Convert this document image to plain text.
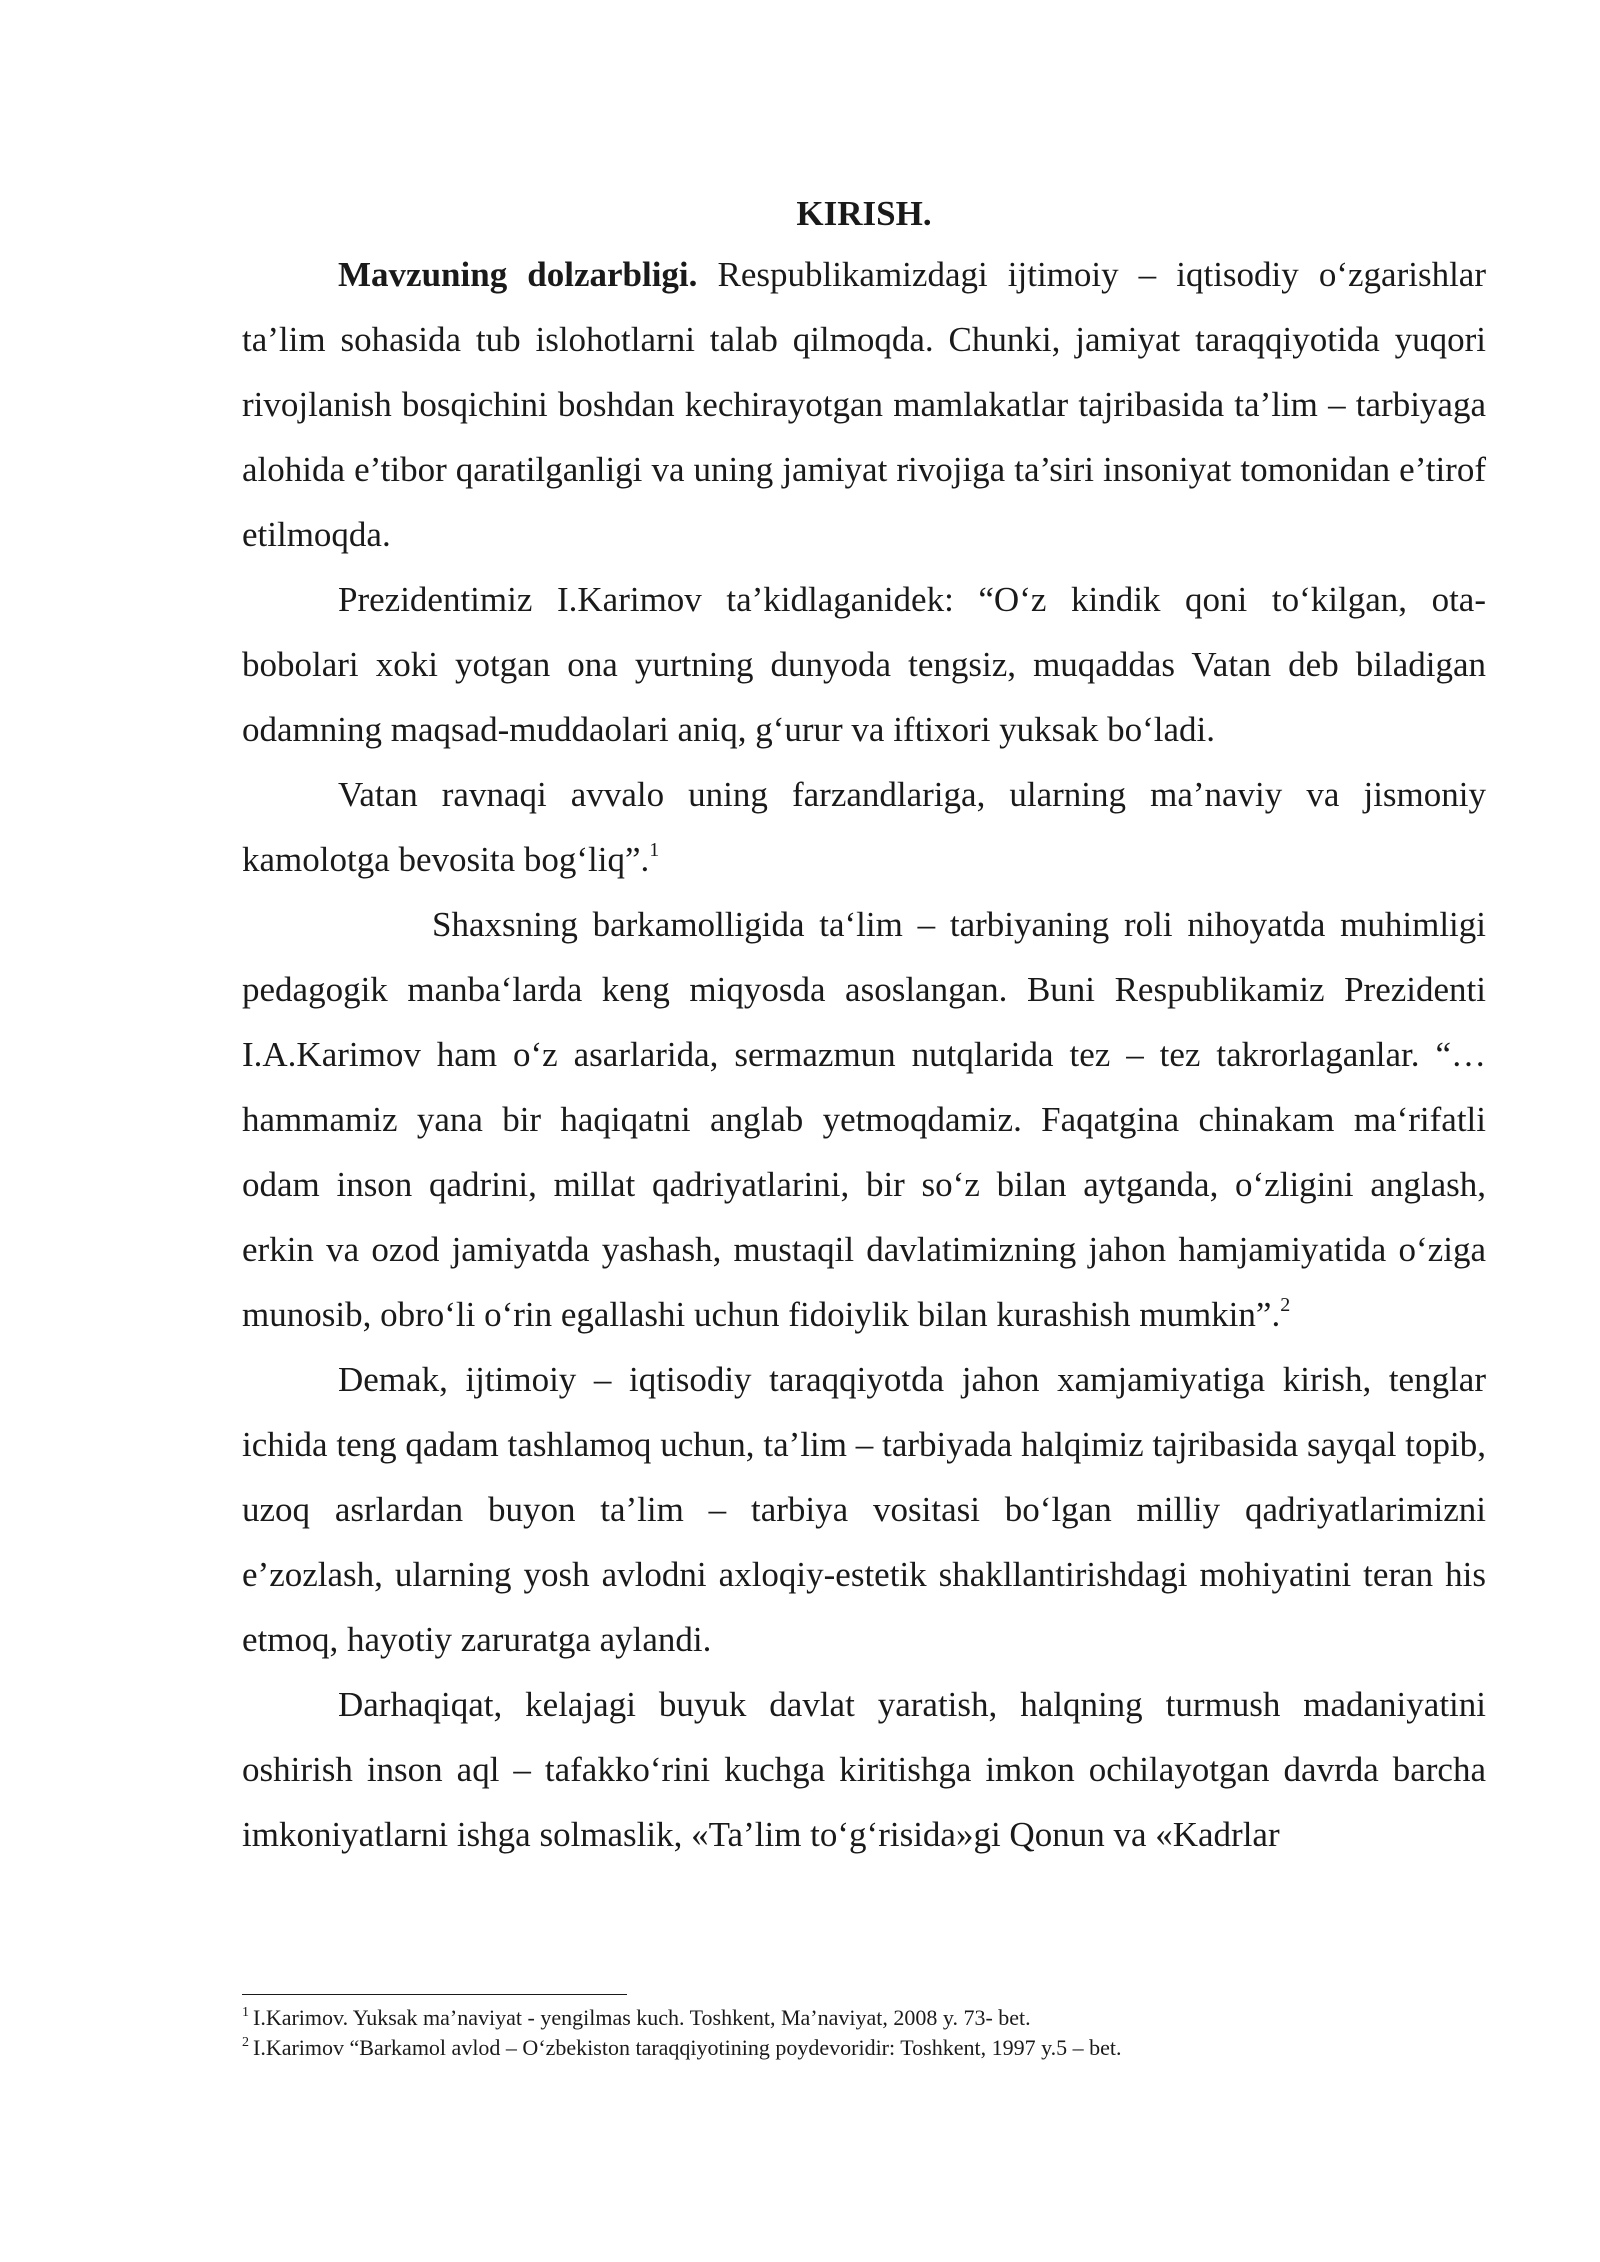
KIRISH.

Mavzuning dolzarbligi. Respublikamizdagi ijtimoiy – iqtisodiy o‘zgarishlar ta’lim sohasida tub islohotlarni talab qilmoqda. Chunki, jamiyat taraqqiyotida yuqori rivojlanish bosqichini boshdan kechirayotgan mamlakatlar tajribasida ta’lim – tarbiyaga alohida e’tibor qaratilganligi va uning jamiyat rivojiga ta’siri insoniyat tomonidan e’tirof etilmoqda.

Prezidentimiz I.Karimov ta’kidlaganidek: “O‘z kindik qoni to‘kilgan, ota-bobolari xoki yotgan ona yurtning dunyoda tengsiz, muqaddas Vatan deb biladigan odamning maqsad-muddaolari aniq, g‘urur va iftixori yuksak bo‘ladi.

Vatan ravnaqi avvalo uning farzandlariga, ularning ma’naviy va jismoniy kamolotga bevosita bog‘liq”.$^1$

Shaxsning barkamolligida ta‘lim – tarbiyaning roli nihoyatda muhimligi pedagogik manba‘larda keng miqyosda asoslangan. Buni Respublikamiz Prezidenti I.A.Karimov ham o‘z asarlarida, sermazmun nutqlarida tez – tez takrorlaganlar. “…hammamiz yana bir haqiqatni anglab yetmoqdamiz. Faqatgina chinakam ma‘rifatli odam inson qadrini, millat qadriyatlarini, bir so‘z bilan aytganda, o‘zligini anglash, erkin va ozod jamiyatda yashash, mustaqil davlatimizning jahon hamjamiyatida o‘ziga munosib, obro‘li o‘rin egallashi uchun fidoiylik bilan kurashish mumkin”.$^2$

Demak, ijtimoiy – iqtisodiy taraqqiyotda jahon xamjamiyatiga kirish, tenglar ichida teng qadam tashlamoq uchun, ta’lim – tarbiyada halqimiz tajribasida sayqal topib, uzoq asrlardan buyon ta’lim – tarbiya vositasi bo‘lgan milliy qadriyatlarimizni e’zozlash, ularning yosh avlodni axloqiy-estetik shakllantirishdagi mohiyatini teran his etmoq, hayotiy zaruratga aylandi.

Darhaqiqat, kelajagi buyuk davlat yaratish, halqning turmush madaniyatini oshirish inson aql – tafakko‘rini kuchga kiritishga imkon ochilayotgan davrda barcha imkoniyatlarni ishga solmaslik, «Ta’lim to‘g‘risida»gi Qonun va «Kadrlar

$^1$ I.Karimov. Yuksak ma’naviyat - yengilmas kuch. Toshkent, Ma’naviyat, 2008 y. 73- bet.

$^2$ I.Karimov “Barkamol avlod – O‘zbekiston taraqqiyotining poydevoridir: Toshkent, 1997 y.5 – bet.
